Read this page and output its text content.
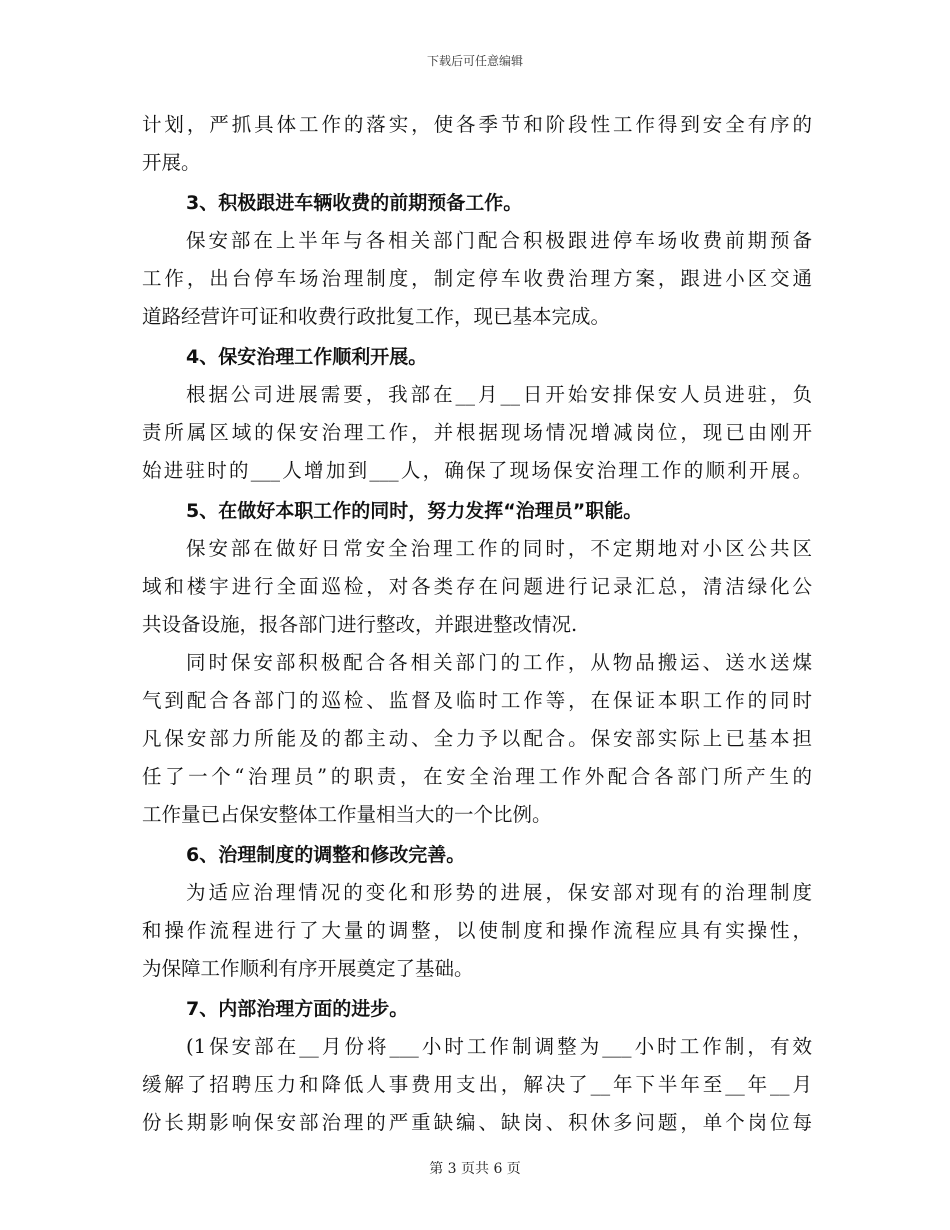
下载后可任意编辑
计划，严抓具体工作的落实，使各季节和阶段性工作得到安全有序的
开展。
3、积极跟进车辆收费的前期预备工作。
保安部在上半年与各相关部门配合积极跟进停车场收费前期预备
工作，出台停车场治理制度，制定停车收费治理方案，跟进小区交通
道路经营许可证和收费行政批复工作，现已基本完成。
4、保安治理工作顺利开展。
根据公司进展需要，我部在__月__日开始安排保安人员进驻，负
责所属区域的保安治理工作，并根据现场情况增减岗位，现已由刚开
始进驻时的___人增加到___人，确保了现场保安治理工作的顺利开展。
5、在做好本职工作的同时，努力发挥“治理员”职能。
保安部在做好日常安全治理工作的同时，不定期地对小区公共区
域和楼宇进行全面巡检，对各类存在问题进行记录汇总，清洁绿化公
共设备设施，报各部门进行整改，并跟进整改情况.
同时保安部积极配合各相关部门的工作，从物品搬运、送水送煤
气到配合各部门的巡检、监督及临时工作等，在保证本职工作的同时
凡保安部力所能及的都主动、全力予以配合。保安部实际上已基本担
任了一个“治理员”的职责，在安全治理工作外配合各部门所产生的
工作量已占保安整体工作量相当大的一个比例。
6、治理制度的调整和修改完善。
为适应治理情况的变化和形势的进展，保安部对现有的治理制度
和操作流程进行了大量的调整，以使制度和操作流程应具有实操性，
为保障工作顺利有序开展奠定了基础。
7、内部治理方面的进步。
(1保安部在__月份将___小时工作制调整为___小时工作制，有效
缓解了招聘压力和降低人事费用支出，解决了__年下半年至__年__月
份长期影响保安部治理的严重缺编、缺岗、积休多问题，单个岗位每
第 3 页共 6 页
